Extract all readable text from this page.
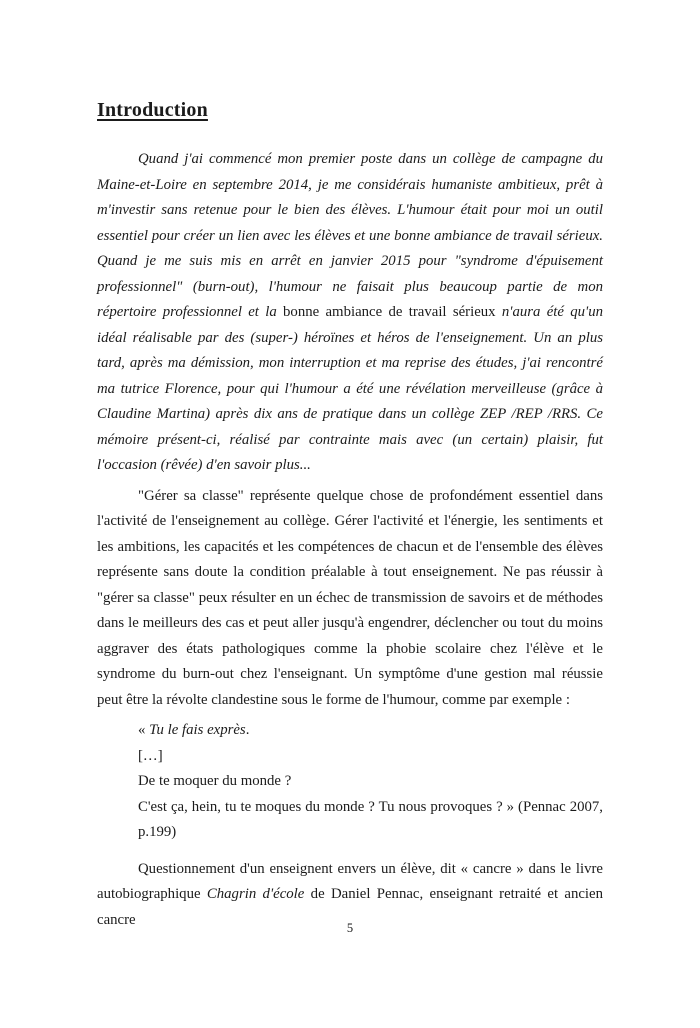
Introduction

Quand j'ai commencé mon premier poste dans un collège de campagne du Maine-et-Loire en septembre 2014, je me considérais humaniste ambitieux, prêt à m'investir sans retenue pour le bien des élèves. L'humour était pour moi un outil essentiel pour créer un lien avec les élèves et une bonne ambiance de travail sérieux. Quand je me suis mis en arrêt en janvier 2015 pour "syndrome d'épuisement professionnel" (burn-out), l'humour ne faisait plus beaucoup partie de mon répertoire professionnel et la bonne ambiance de travail sérieux n'aura été qu'un idéal réalisable par des (super-) héroïnes et héros de l'enseignement. Un an plus tard, après ma démission, mon interruption et ma reprise des études, j'ai rencontré ma tutrice Florence, pour qui l'humour a été une révélation merveilleuse (grâce à Claudine Martina) après dix ans de pratique dans un collège ZEP /REP /RRS. Ce mémoire présent-ci, réalisé par contrainte mais avec (un certain) plaisir, fut l'occasion (rêvée) d'en savoir plus...

"Gérer sa classe" représente quelque chose de profondément essentiel dans l'activité de l'enseignement au collège. Gérer l'activité et l'énergie, les sentiments et les ambitions, les capacités et les compétences de chacun et de l'ensemble des élèves représente sans doute la condition préalable à tout enseignement. Ne pas réussir à "gérer sa classe" peux résulter en un échec de transmission de savoirs et de méthodes dans le meilleurs des cas et peut aller jusqu'à engendrer, déclencher ou tout du moins aggraver des états pathologiques comme la phobie scolaire chez l'élève et le syndrome du burn-out chez l'enseignant. Un symptôme d'une gestion mal réussie peut être la révolte clandestine sous le forme de l'humour, comme par exemple :

« Tu le fais exprès.

[…]

De te moquer du monde ?

C'est ça, hein, tu te moques du monde ? Tu nous provoques ? » (Pennac 2007, p.199)

Questionnement d'un enseignent envers un élève, dit « cancre » dans le livre autobiographique Chagrin d'école de Daniel Pennac, enseignant retraité et ancien cancre

5
